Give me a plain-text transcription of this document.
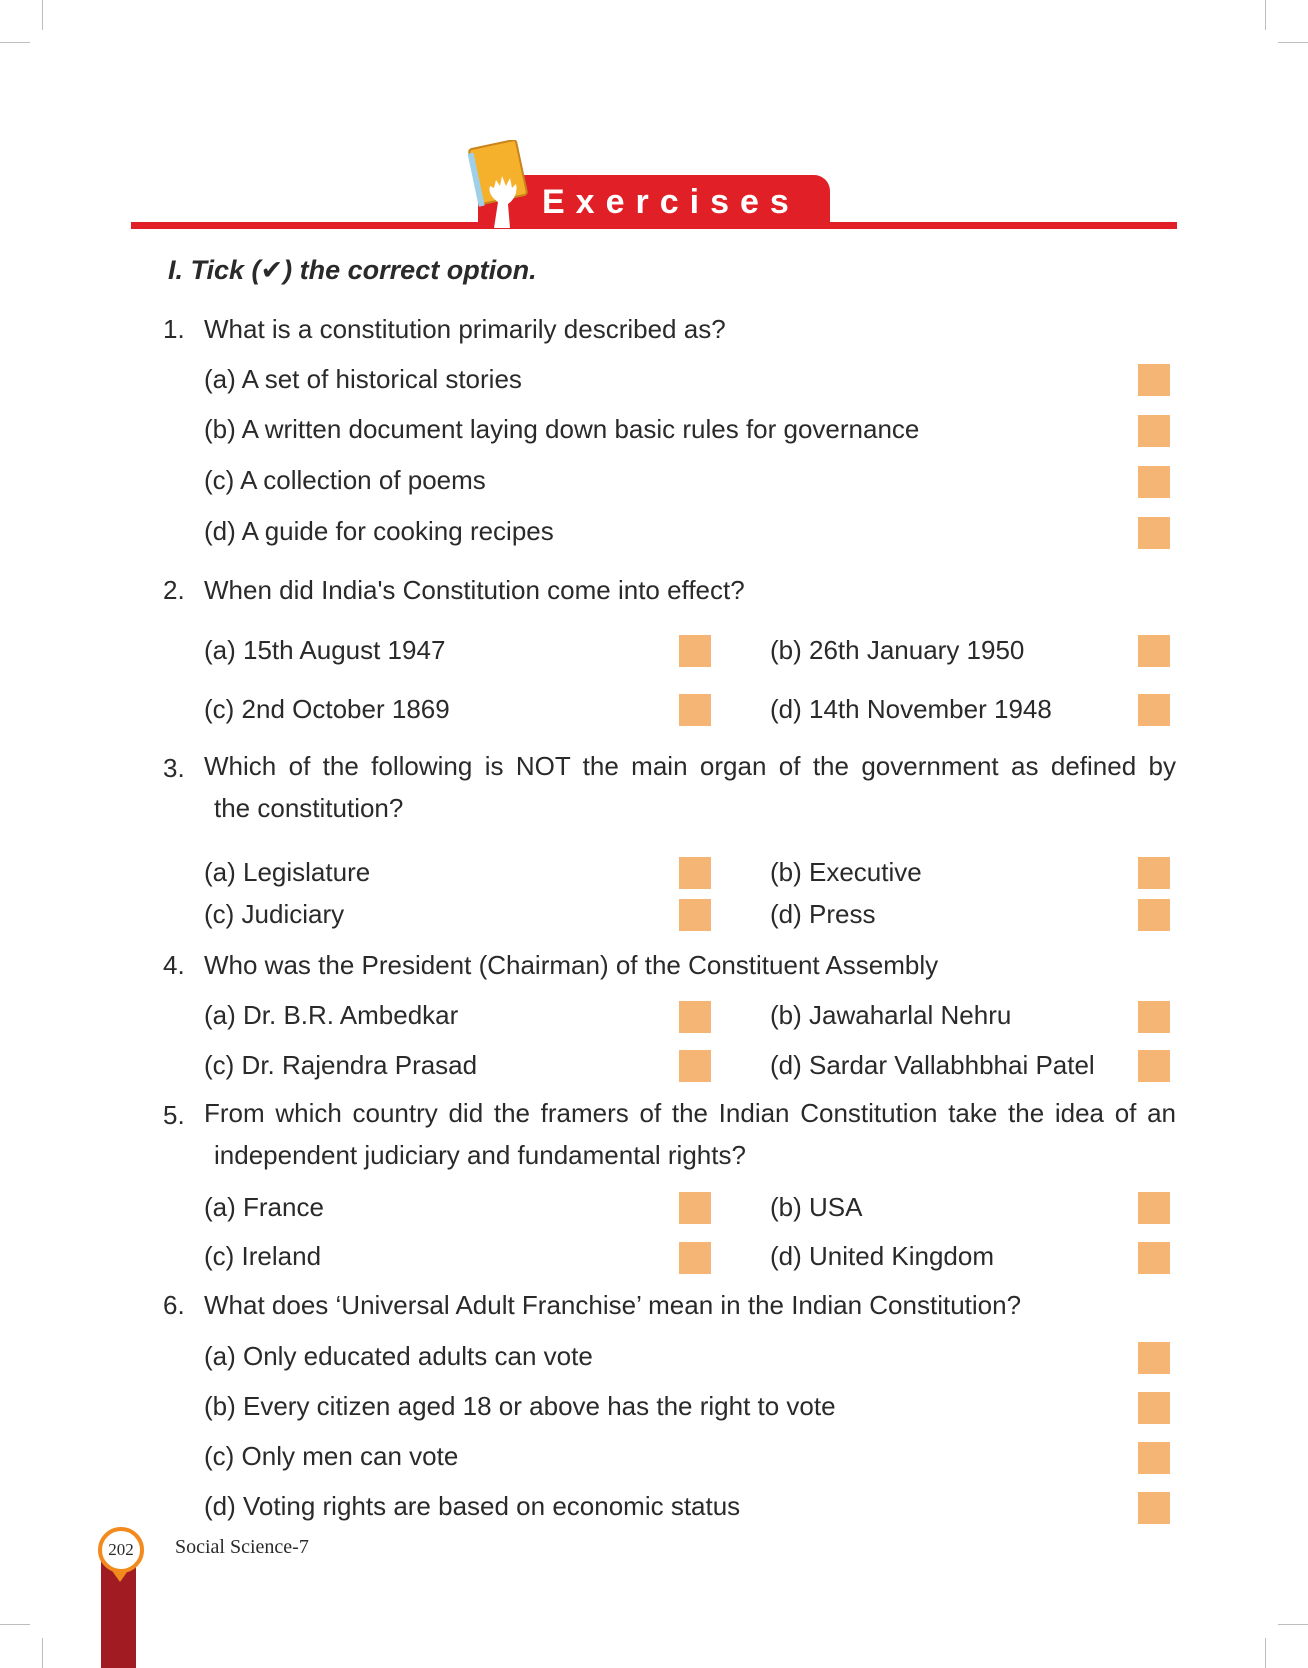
Exercises
I. Tick (✔) the correct option.
1. What is a constitution primarily described as?
(a) A set of historical stories
(b) A written document laying down basic rules for governance
(c) A collection of poems
(d) A guide for cooking recipes
2. When did India's Constitution come into effect?
(a) 15th August 1947	(b) 26th January 1950
(c) 2nd October 1869	(d) 14th November 1948
3. Which of the following is NOT the main organ of the government as defined by
the constitution?
(a) Legislature	(b) Executive
(c) Judiciary	(d) Press
4. Who was the President (Chairman) of the Constituent Assembly
(a) Dr. B.R. Ambedkar	(b) Jawaharlal Nehru
(c) Dr. Rajendra Prasad	(d) Sardar Vallabhbhai Patel
5. From which country did the framers of the Indian Constitution take the idea of an
independent judiciary and fundamental rights?
(a) France	(b) USA
(c) Ireland	(d) United Kingdom
6. What does ‘Universal Adult Franchise’ mean in the Indian Constitution?
(a) Only educated adults can vote
(b) Every citizen aged 18 or above has the right to vote
(c) Only men can vote
(d) Voting rights are based on economic status
202 Social Science-7
